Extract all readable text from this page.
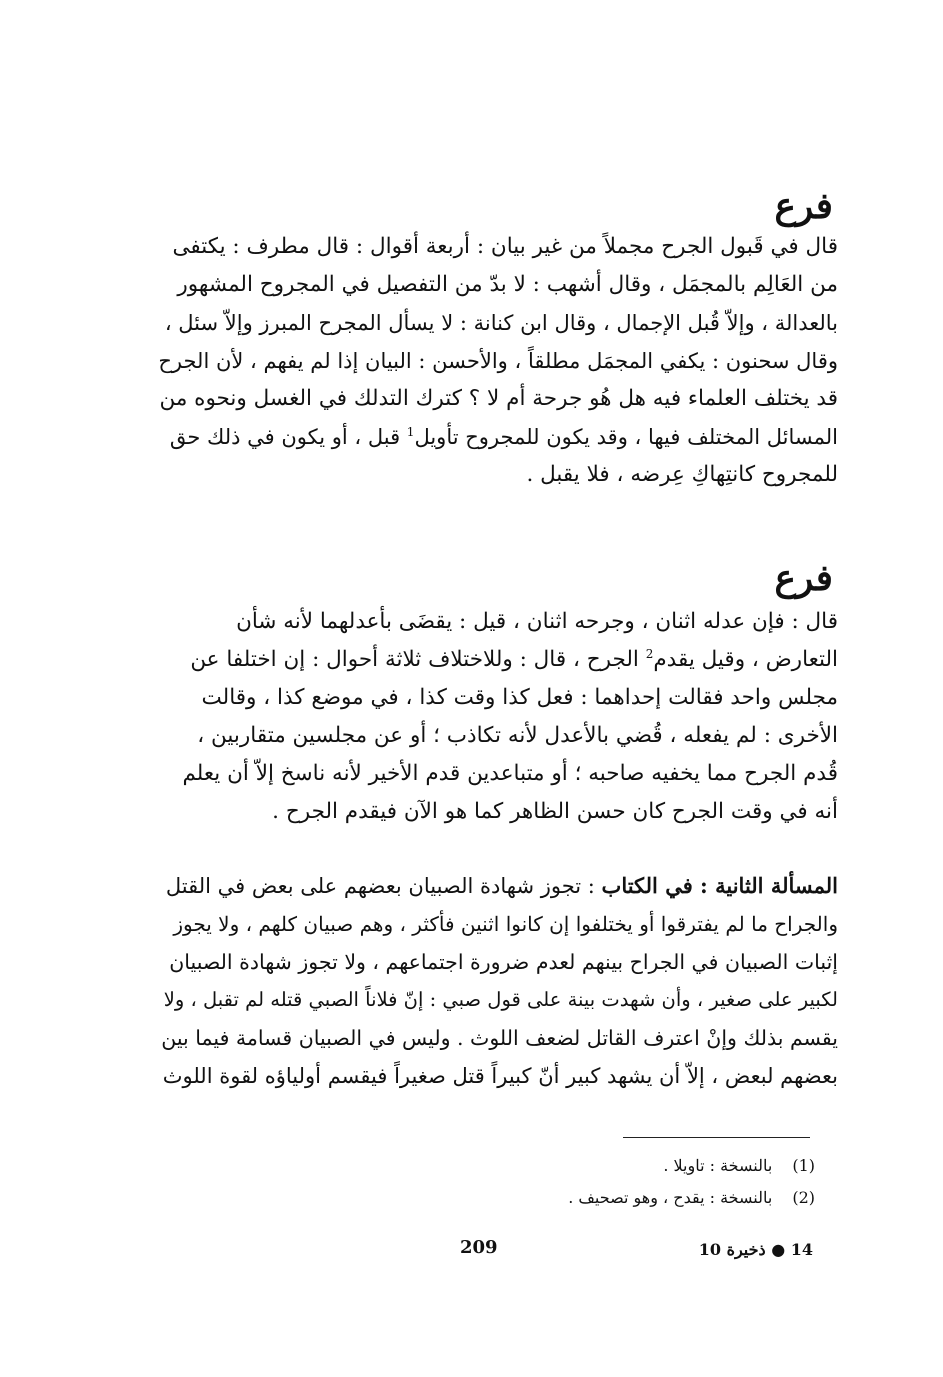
فرع
قال في قَبول الجرح مجملاً من غير بيان : أربعة أقوال : قال مطرف : يكتفى
من العَالِم بالمجمَل ، وقال أشهب : لا بدّ من التفصيل في المجروح المشهور
بالعدالة ، وإلاّ قُبل الإجمال ، وقال ابن كنانة : لا يسأل المجرح المبرز وإلاّ سئل ،
وقال سحنون : يكفي المجمَل مطلقاً ، والأحسن : البيان إذا لم يفهم ، لأن الجرح
قد يختلف العلماء فيه هل هُو جرحة أم لا ؟ كترك التدلك في الغسل ونحوه من
المسائل المختلف فيها ، وقد يكون للمجروح تأويل$^1$ قبل ، أو يكون في ذلك حق
للمجروح كانتِهاكِ عِرضه ، فلا يقبل .
فرع
قال : فإن عدله اثنان ، وجرحه اثنان ، قيل : يقضَى بأعدلهما لأنه شأن
التعارض ، وقيل يقدم$^2$ الجرح ، قال : وللاختلاف ثلاثة أحوال : إن اختلفا عن
مجلس واحد فقالت إحداهما : فعل كذا وقت كذا ، في موضع كذا ، وقالت
الأخرى : لم يفعله ، قُضي بالأعدل لأنه تكاذب ؛ أو عن مجلسين متقاربين ،
قُدم الجرح مما يخفيه صاحبه ؛ أو متباعدين قدم الأخير لأنه ناسخ إلاّ أن يعلم
أنه في وقت الجرح كان حسن الظاهر كما هو الآن فيقدم الجرح .
المسألة الثانية : في الكتاب : تجوز شهادة الصبيان بعضهم على بعض في القتل
والجراح ما لم يفترقوا أو يختلفوا إن كانوا اثنين فأكثر ، وهم صبيان كلهم ، ولا يجوز
إثبات الصبيان في الجراح بينهم لعدم ضرورة اجتماعهم ، ولا تجوز شهادة الصبيان
لكبير على صغير ، وأن شهدت بينة على قول صبي : إنّ فلاناً الصبي قتله لم تقبل ، ولا
يقسم بذلك وإنْ اعترف القاتل لضعف اللوث . وليس في الصبيان قسامة فيما بين
بعضهم لبعض ، إلاّ أن يشهد كبير أنّ كبيراً قتل صغيراً فيقسم أولياؤه لقوة اللوث
(1)بالنسخة : تاويلا .
(2)بالنسخة : يقدح ، وهو تصحيف .
209	14 ● ذخيرة 10
